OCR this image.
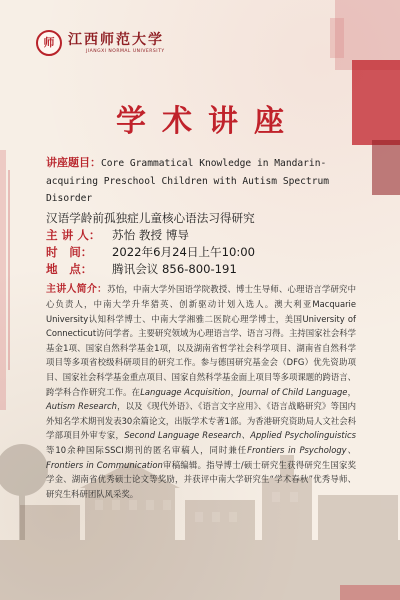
师 江西师范大学
JIANGXI NORMAL UNIVERSITY
学术讲座

讲座题目：Core Grammatical Knowledge in Mandarin-acquiring Preschool Children with Autism Spectrum Disorder

汉语学龄前孤独症儿童核心语法习得研究
主 讲 人： 苏怡 教授 博导
时　间：	2022年6月24日上午10:00
地　点：	腾讯会议 856-800-191
主讲人简介：苏怡，中南大学外国语学院教授、博士生导师、心理语言学研究中心负责人，中南大学升华猎英、创新驱动计划入选人。澳大利亚Macquarie University认知科学博士、中南大学湘雅二医院心理学博士，美国University of Connecticut访问学者。主要研究领域为心理语言学、语言习得。主持国家社会科学基金1项、国家自然科学基金1项，以及湖南省哲学社会科学项目、湖南省自然科学项目等多项省校级科研项目的研究工作。参与德国研究基金会（DFG）优先资助项目、国家社会科学基金重点项目、国家自然科学基金面上项目等多项课题的跨语言、跨学科合作研究工作。在Language Acquisition，Journal of Child Language，Autism Research，以及《现代外语》、《语言文字应用》、《语言战略研究》等国内外知名学术期刊发表30余篇论文，出版学术专著1部。为香港研究资助局人文社会科学部项目外审专家，Second Language Research、Applied Psycholinguistics等10余种国际SSCI期刊的匿名审稿人，同时兼任Frontiers in Psychology、Frontiers in Communication审稿编辑。指导博士/硕士研究生获得研究生国家奖学金、湖南省优秀硕士论文等奖励，并获评中南大学研究生“学术春秋”优秀导师、研究生科研团队风采奖。
